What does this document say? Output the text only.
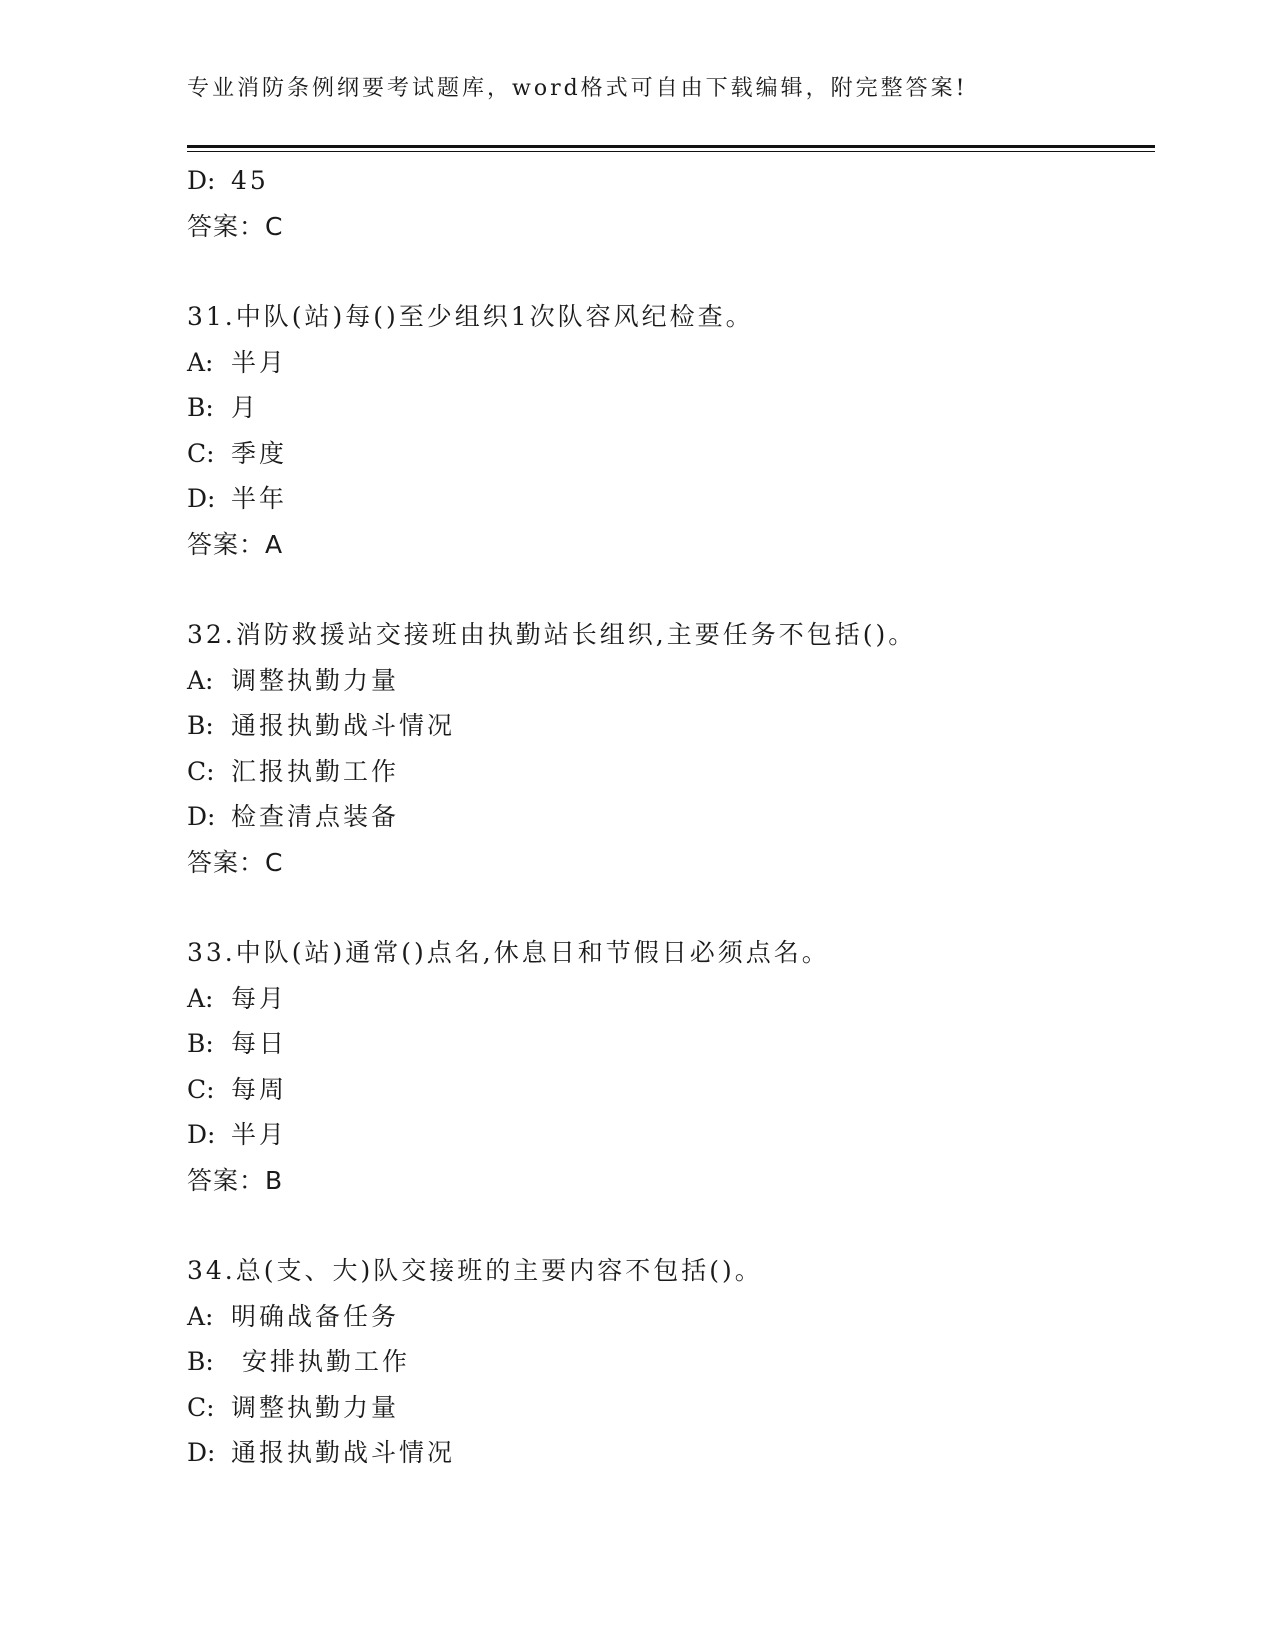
专业消防条例纲要考试题库，word格式可自由下载编辑，附完整答案!
D: 45
答案：C
31.中队(站)每()至少组织1次队容风纪检查。
A: 半月
B: 月
C: 季度
D: 半年
答案：A
32.消防救援站交接班由执勤站长组织,主要任务不包括()。
A: 调整执勤力量
B: 通报执勤战斗情况
C: 汇报执勤工作
D: 检查清点装备
答案：C
33.中队(站)通常()点名,休息日和节假日必须点名。
A: 每月
B: 每日
C: 每周
D: 半月
答案：B
34.总(支、大)队交接班的主要内容不包括()。
A: 明确战备任务
B: 安排执勤工作
C: 调整执勤力量
D: 通报执勤战斗情况
